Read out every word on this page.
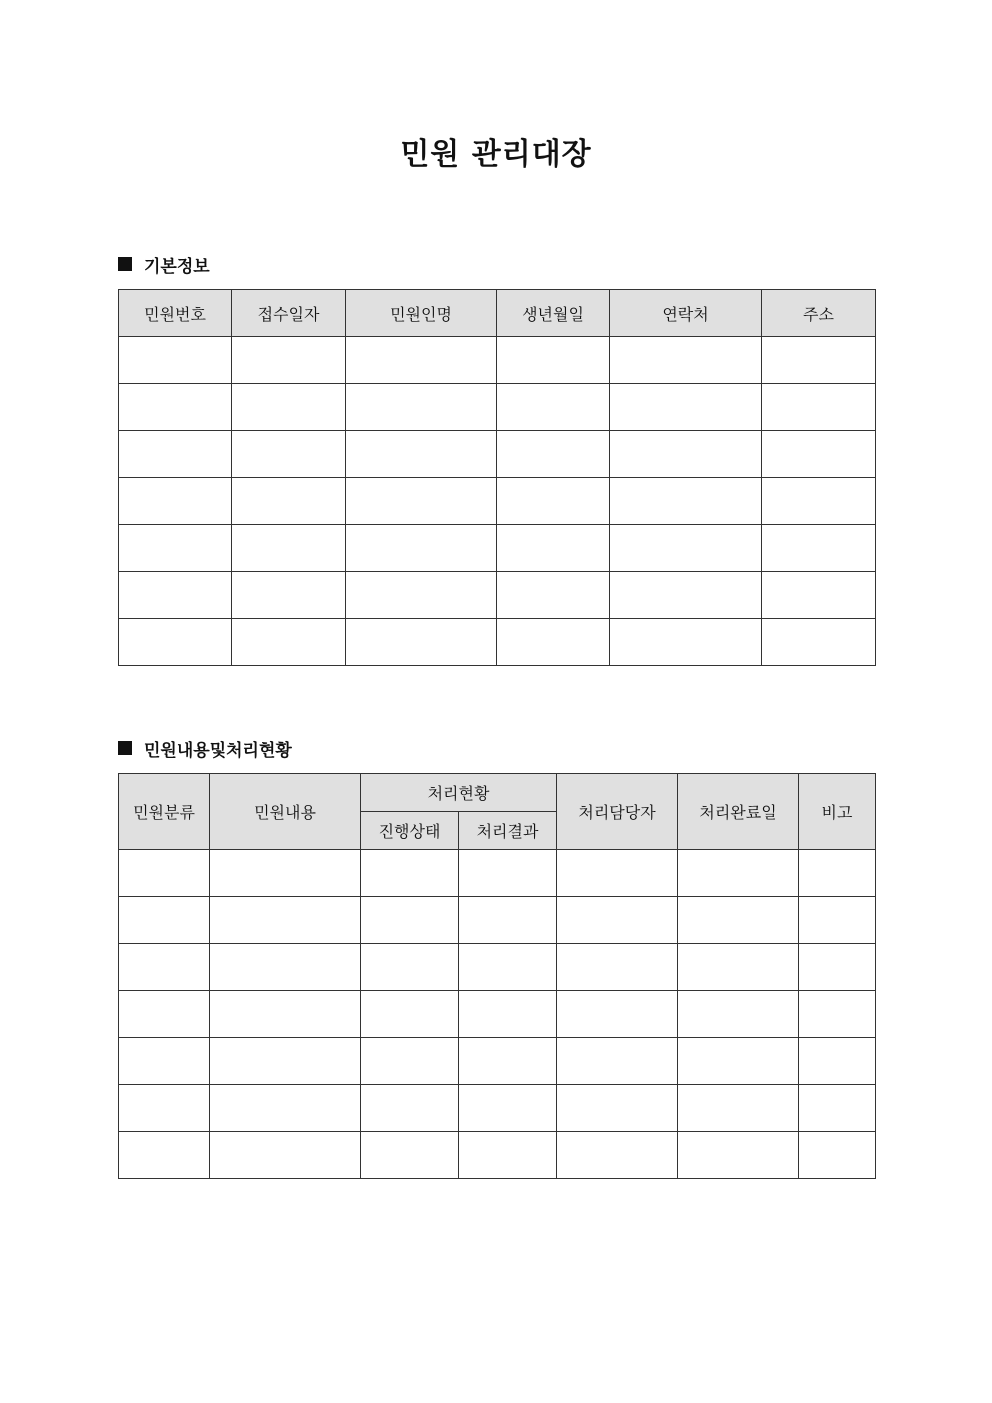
민원 관리대장
기본정보
민원번호	접수일자	민원인명	생년월일	연락처	주소

민원내용및처리현황
민원분류	민원내용	처리현황		처리담당자	처리완료일	비고
		진행상태	처리결과			
